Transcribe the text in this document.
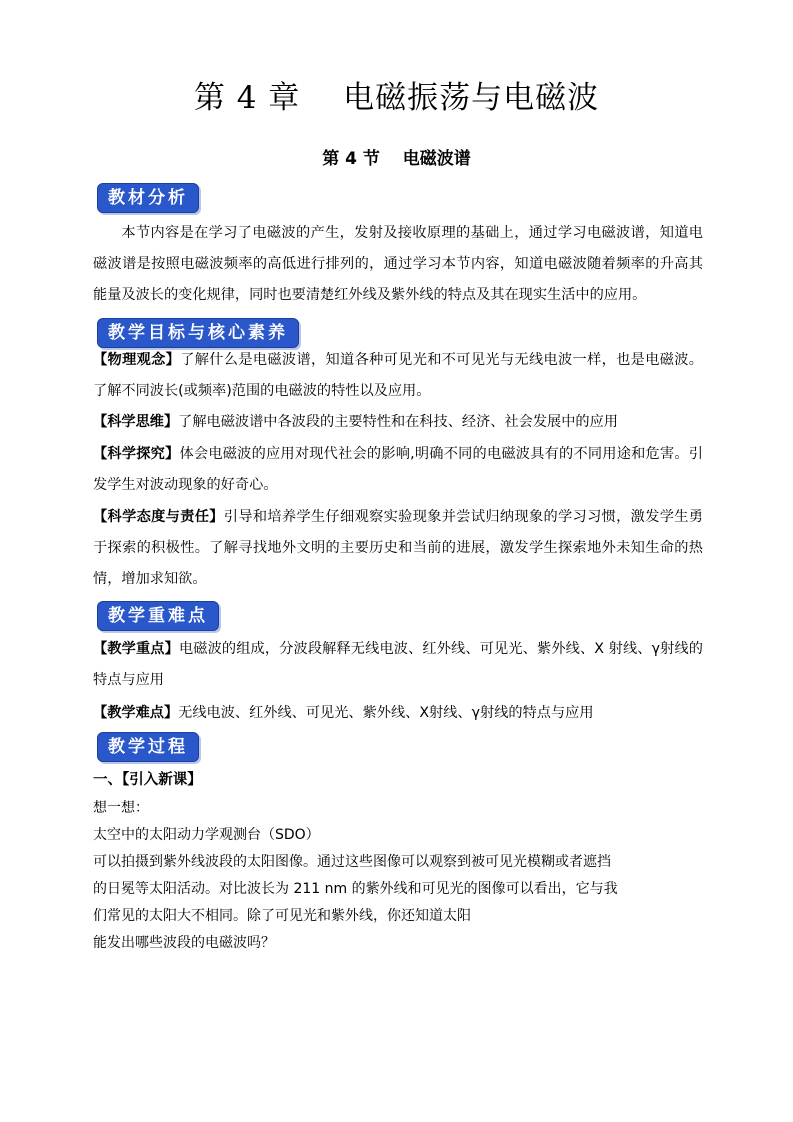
第 4 章　 电磁振荡与电磁波
第 4 节　 电磁波谱
教材分析
本节内容是在学习了电磁波的产生，发射及接收原理的基础上，通过学习电磁波谱，知道电磁波谱是按照电磁波频率的高低进行排列的，通过学习本节内容，知道电磁波随着频率的升高其能量及波长的变化规律，同时也要清楚红外线及紫外线的特点及其在现实生活中的应用。
教学目标与核心素养
【物理观念】了解什么是电磁波谱，知道各种可见光和不可见光与无线电波一样，也是电磁波。了解不同波长(或频率)范围的电磁波的特性以及应用。
【科学思维】了解电磁波谱中各波段的主要特性和在科技、经济、社会发展中的应用
【科学探究】体会电磁波的应用对现代社会的影响,明确不同的电磁波具有的不同用途和危害。引发学生对波动现象的好奇心。
【科学态度与责任】引导和培养学生仔细观察实验现象并尝试归纳现象的学习习惯，激发学生勇于探索的积极性。了解寻找地外文明的主要历史和当前的进展，激发学生探索地外未知生命的热情，增加求知欲。
教学重难点
【教学重点】电磁波的组成，分波段解释无线电波、红外线、可见光、紫外线、X 射线、γ射线的特点与应用
【教学难点】无线电波、红外线、可见光、紫外线、X射线、γ射线的特点与应用
教学过程
一、【引入新课】
想一想：
太空中的太阳动力学观测台（SDO）
可以拍摄到紫外线波段的太阳图像。通过这些图像可以观察到被可见光模糊或者遮挡
的日冕等太阳活动。对比波长为 211 nm 的紫外线和可见光的图像可以看出，它与我
们常见的太阳大不相同。除了可见光和紫外线，你还知道太阳
能发出哪些波段的电磁波吗？
